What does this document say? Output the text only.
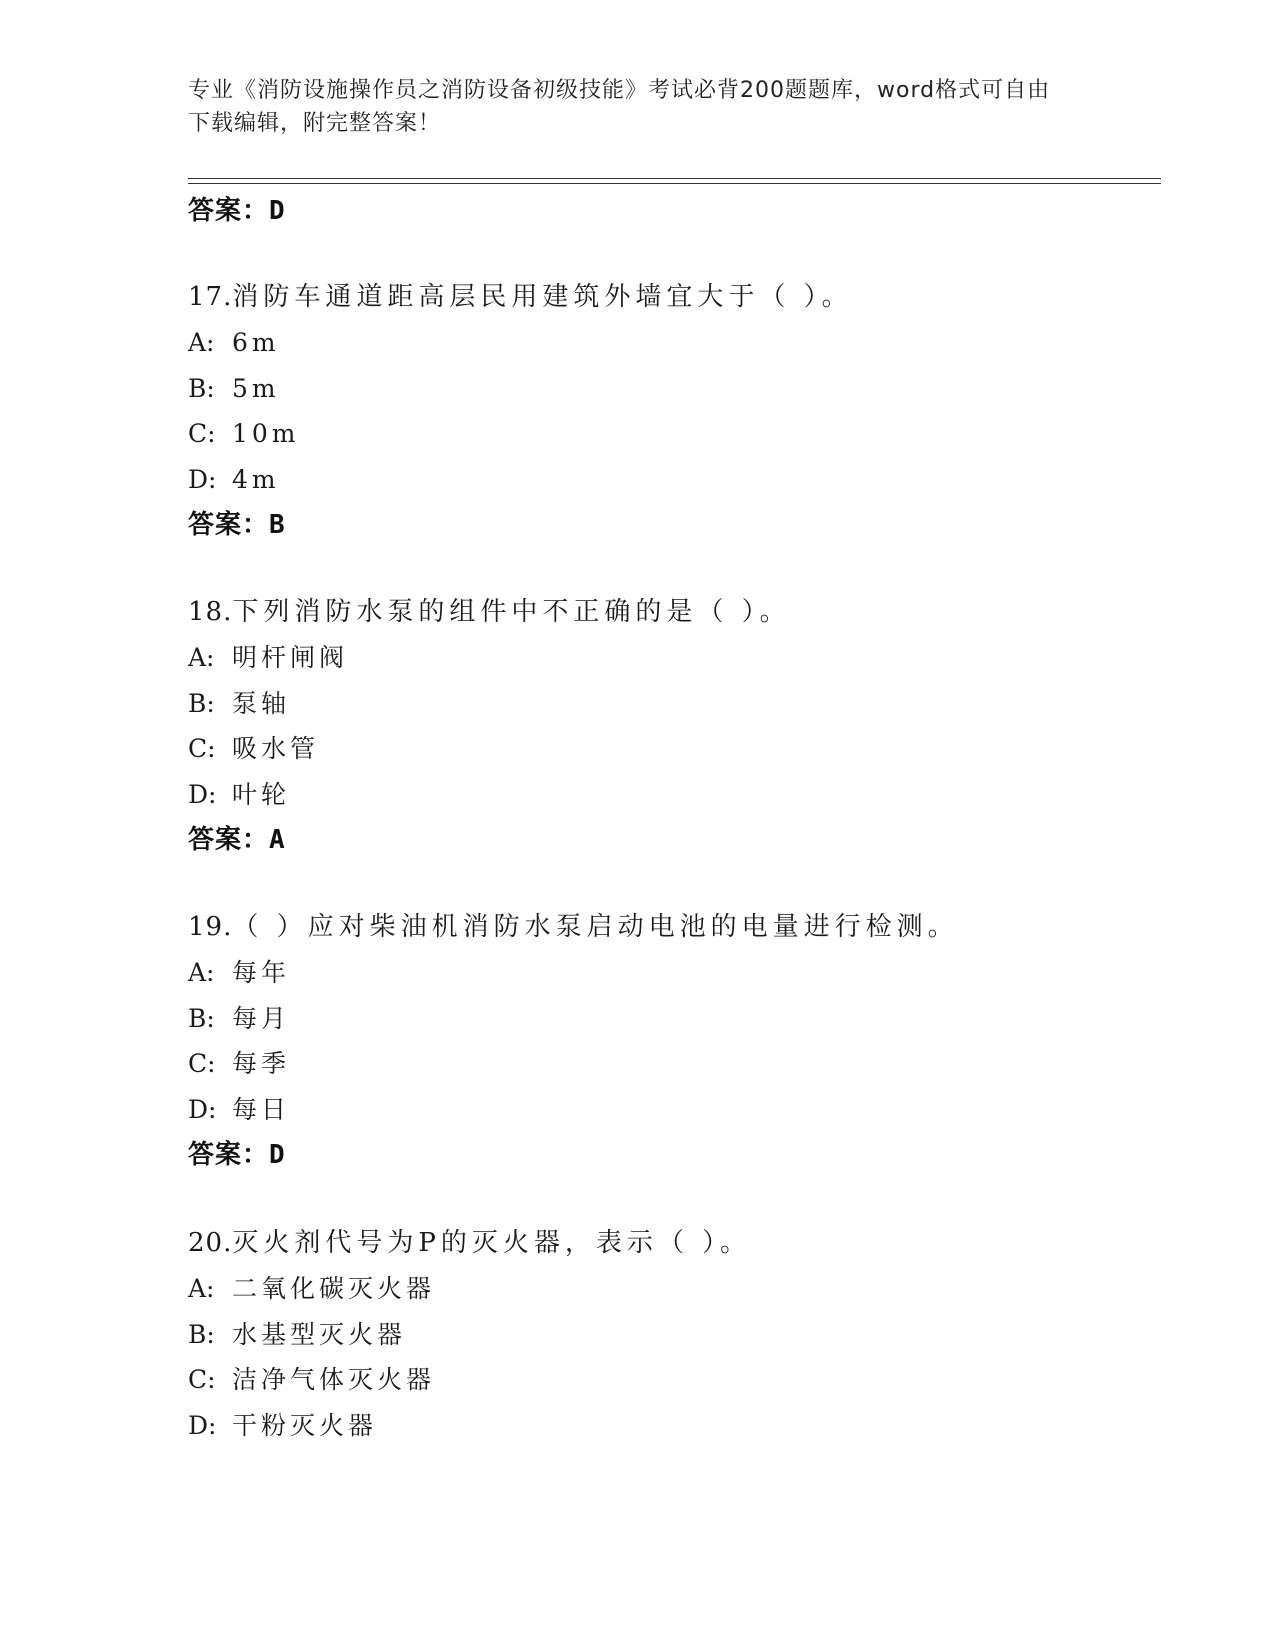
专业《消防设施操作员之消防设备初级技能》考试必背200题题库，word格式可自由下载编辑，附完整答案！
答案：D
17.消防车通道距高层民用建筑外墙宜大于（ ）。
A: 6m
B: 5m
C: 10m
D: 4m
答案：B
18.下列消防水泵的组件中不正确的是（ ）。
A: 明杆闸阀
B: 泵轴
C: 吸水管
D: 叶轮
答案：A
19.（ ）应对柴油机消防水泵启动电池的电量进行检测。
A: 每年
B: 每月
C: 每季
D: 每日
答案：D
20.灭火剂代号为P的灭火器，表示（ ）。
A: 二氧化碳灭火器
B: 水基型灭火器
C: 洁净气体灭火器
D: 干粉灭火器
